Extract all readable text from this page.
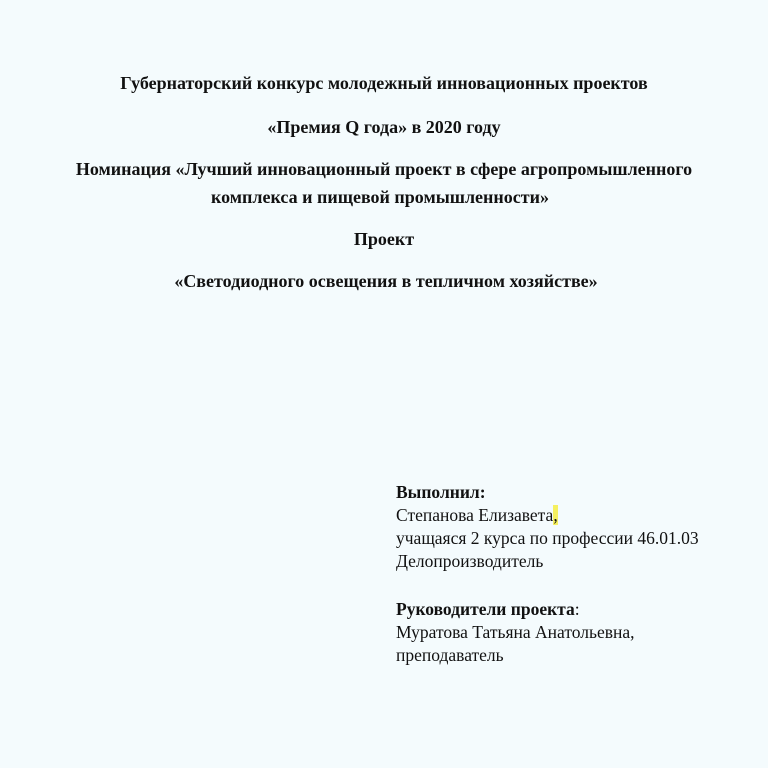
Губернаторский конкурс молодежный инновационных проектов
«Премия Q года» в 2020 году
Номинация «Лучший инновационный проект в сфере агропромышленного
комплекса и пищевой промышленности»
Проект
«Светодиодного освещения в тепличном хозяйстве»
Выполнил:
Степанова Елизавета,
учащаяся 2 курса по профессии 46.01.03
Делопроизводитель
Руководители проекта:
Муратова Татьяна Анатольевна,
преподаватель
